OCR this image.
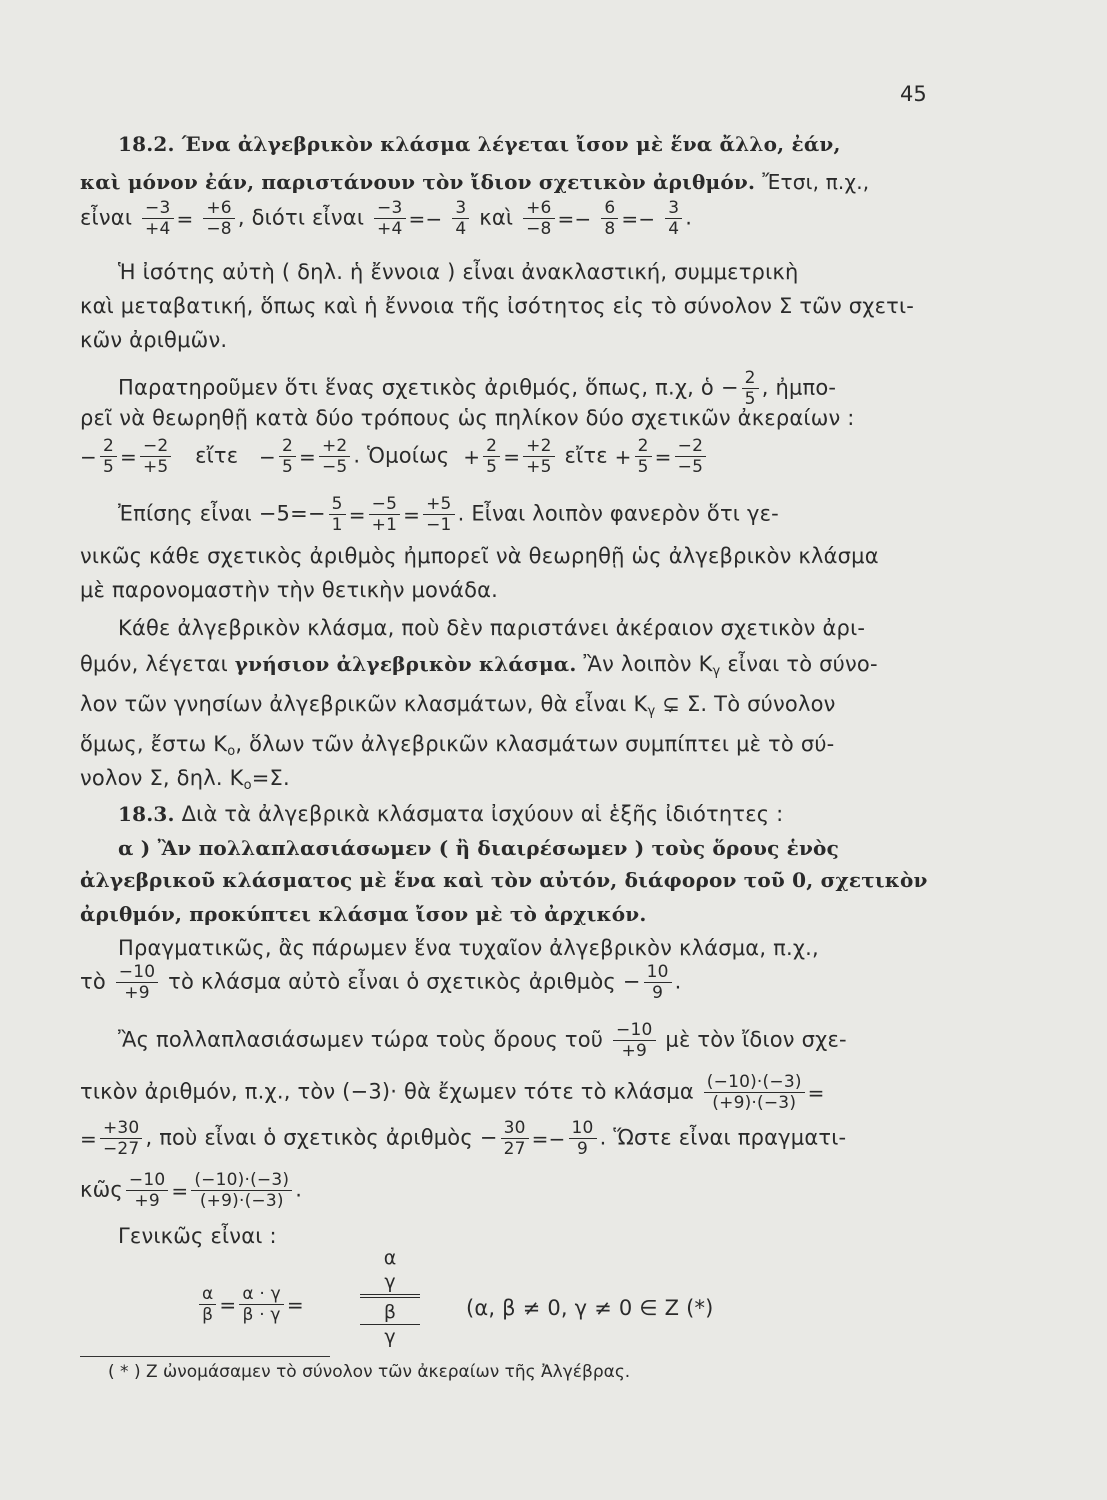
45
18.2. Ένα ἀλγεβρικὸν κλάσμα λέγεται ἴσον μὲ ἕνα ἄλλο, ἐάν,
καὶ μόνον ἐάν, παριστάνουν τὸν ἴδιον σχετικὸν ἀριθμόν. Ἔτσι, π.χ.,
εἶναι $\frac{-3}{+4} = \frac{+6}{-8}$ , διότι εἶναι $\frac{-3}{+4} =- \frac{3}{4}$ καὶ $\frac{+6}{-8} =- \frac{6}{8} =- \frac{3}{4}$ .
Ἡ ἰσότης αὐτὴ ( δηλ. ἡ ἔννοια ) εἶναι ἀνακλαστική, συμμετρικὴ
καὶ μεταβατική, ὅπως καὶ ἡ ἔννοια τῆς ἰσότητος εἰς τὸ σύνολον Σ τῶν σχετι-
κῶν ἀριθμῶν.
Παρατηροῦμεν ὅτι ἕνας σχετικὸς ἀριθμός, ὅπως, π.χ, ὁ − $\frac{2}{5}$ , ἠμπο-
ρεῖ νὰ θεωρηθῇ κατὰ δύο τρόπους ὡς πηλίκον δύο σχετικῶν ἀκεραίων :
− $\frac{2}{5} = \frac{-2}{+5}$ εἴτε − $\frac{2}{5} = \frac{+2}{-5}$ . Ὁμοίως + $\frac{2}{5} = \frac{+2}{+5}$ εἴτε + $\frac{2}{5} = \frac{-2}{-5}$
Ἐπίσης εἶναι $-5=- \frac{5}{1} = \frac{-5}{+1} = \frac{+5}{-1}$ . Εἶναι λοιπὸν φανερὸν ὅτι γε-
νικῶς κάθε σχετικὸς ἀριθμὸς ἠμπορεῖ νὰ θεωρηθῇ ὡς ἀλγεβρικὸν κλάσμα
μὲ παρονομαστὴν τὴν θετικὴν μονάδα.
Κάθε ἀλγεβρικὸν κλάσμα, ποὺ δὲν παριστάνει ἀκέραιον σχετικὸν ἀρι-
θμόν, λέγεται γνήσιον ἀλγεβρικὸν κλάσμα. Ἂν λοιπὸν $K_\gamma$ εἶναι τὸ σύνο-
λον τῶν γνησίων ἀλγεβρικῶν κλασμάτων, θὰ εἶναι $K_\gamma$ ⊊ Σ. Τὸ σύνολον
ὅμως, ἔστω $K_o$, ὅλων τῶν ἀλγεβρικῶν κλασμάτων συμπίπτει μὲ τὸ σύ-
νολον Σ, δηλ. $K_o=\Sigma$.
18.3. Διὰ τὰ ἀλγεβρικὰ κλάσματα ἰσχύουν αἱ ἑξῆς ἰδιότητες :
α ) Ἂν πολλαπλασιάσωμεν ( ἢ διαιρέσωμεν ) τοὺς ὅρους ἑνὸς
ἀλγεβρικοῦ κλάσματος μὲ ἕνα καὶ τὸν αὐτόν, διάφορον τοῦ 0, σχετικὸν
ἀριθμόν, προκύπτει κλάσμα ἴσον μὲ τὸ ἀρχικόν.
Πραγματικῶς, ἂς πάρωμεν ἕνα τυχαῖον ἀλγεβρικὸν κλάσμα, π.χ.,
τὸ $\frac{-10}{+9}$ τὸ κλάσμα αὐτὸ εἶναι ὁ σχετικὸς ἀριθμὸς − $\frac{10}{9}$ .
Ἂς πολλαπλασιάσωμεν τώρα τοὺς ὅρους τοῦ $\frac{-10}{+9}$ μὲ τὸν ἴδιον σχε-
τικὸν ἀριθμόν, π.χ., τὸν (−3)· θὰ ἔχωμεν τότε τὸ κλάσμα $\frac{(-10)\cdot(-3)}{(+9)\cdot(-3)}$ =
= $\frac{+30}{-27}$ , ποὺ εἶναι ὁ σχετικὸς ἀριθμὸς − $\frac{30}{27} =- \frac{10}{9}$ . Ὥστε εἶναι πραγματι-
κῶς $\frac{-10}{+9} = \frac{(-10)\cdot(-3)}{(+9)\cdot(-3)}$ .
Γενικῶς εἶναι :
$\frac{\alpha}{\beta} = \frac{\alpha \cdot \gamma}{\beta \cdot \gamma}$ =
α
γ
β
γ
(α, β ≠ 0, γ ≠ 0 ∈ Ζ (*)
( * ) Ζ ὠνομάσαμεν τὸ σύνολον τῶν ἀκεραίων τῆς Ἀλγέβρας.
